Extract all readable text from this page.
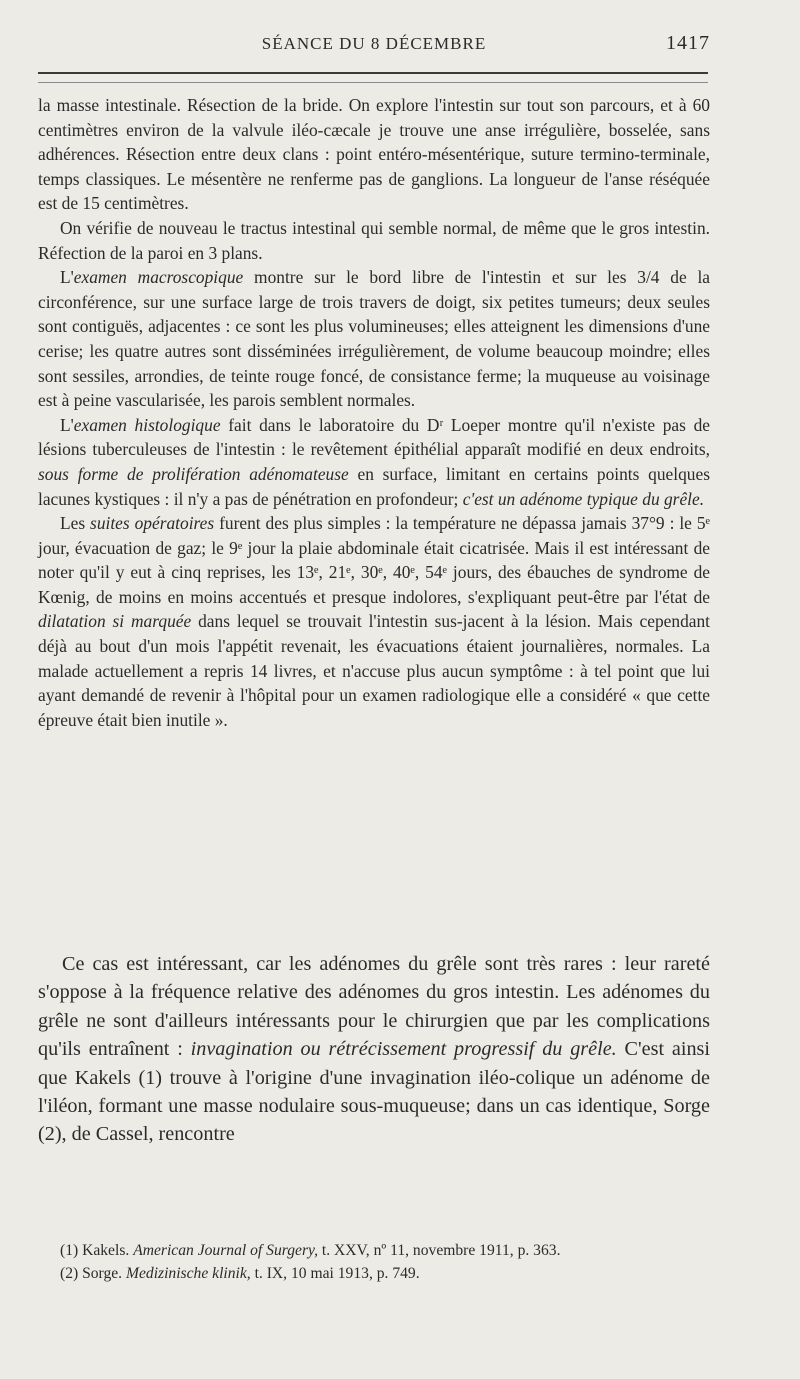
SÉANCE DU 8 DÉCEMBRE	1417

la masse intestinale. Résection de la bride. On explore l'intestin sur tout son parcours, et à 60 centimètres environ de la valvule iléo-cæcale je trouve une anse irrégulière, bosselée, sans adhérences. Résection entre deux clans : point entéro-mésentérique, suture termino-terminale, temps classiques. Le mésentère ne renferme pas de ganglions. La longueur de l'anse réséquée est de 15 centimètres.

On vérifie de nouveau le tractus intestinal qui semble normal, de même que le gros intestin. Réfection de la paroi en 3 plans.

L'examen macroscopique montre sur le bord libre de l'intestin et sur les 3/4 de la circonférence, sur une surface large de trois travers de doigt, six petites tumeurs; deux seules sont contiguës, adjacentes : ce sont les plus volumineuses; elles atteignent les dimensions d'une cerise; les quatre autres sont disséminées irrégulièrement, de volume beaucoup moindre; elles sont sessiles, arrondies, de teinte rouge foncé, de consistance ferme; la muqueuse au voisinage est à peine vascularisée, les parois semblent normales.

L'examen histologique fait dans le laboratoire du Dʳ Loeper montre qu'il n'existe pas de lésions tuberculeuses de l'intestin : le revêtement épithélial apparaît modifié en deux endroits, sous forme de prolifération adénomateuse en surface, limitant en certains points quelques lacunes kystiques : il n'y a pas de pénétration en profondeur; c'est un adénome typique du grêle.

Les suites opératoires furent des plus simples : la température ne dépassa jamais 37°9 : le 5ᵉ jour, évacuation de gaz; le 9ᵉ jour la plaie abdominale était cicatrisée. Mais il est intéressant de noter qu'il y eut à cinq reprises, les 13ᵉ, 21ᵉ, 30ᵉ, 40ᵉ, 54ᵉ jours, des ébauches de syndrome de Kœnig, de moins en moins accentués et presque indolores, s'expliquant peut-être par l'état de dilatation si marquée dans lequel se trouvait l'intestin sus-jacent à la lésion. Mais cependant déjà au bout d'un mois l'appétit revenait, les évacuations étaient journalières, normales. La malade actuellement a repris 14 livres, et n'accuse plus aucun symptôme : à tel point que lui ayant demandé de revenir à l'hôpital pour un examen radiologique elle a considéré « que cette épreuve était bien inutile ».

Ce cas est intéressant, car les adénomes du grêle sont très rares : leur rareté s'oppose à la fréquence relative des adénomes du gros intestin. Les adénomes du grêle ne sont d'ailleurs intéressants pour le chirurgien que par les complications qu'ils entraînent : invagination ou rétrécissement progressif du grêle. C'est ainsi que Kakels (1) trouve à l'origine d'une invagination iléo-colique un adénome de l'iléon, formant une masse nodulaire sous-muqueuse; dans un cas identique, Sorge (2), de Cassel, rencontre

(1) Kakels. American Journal of Surgery, t. XXV, nº 11, novembre 1911, p. 363.

(2) Sorge. Medizinische klinik, t. IX, 10 mai 1913, p. 749.
